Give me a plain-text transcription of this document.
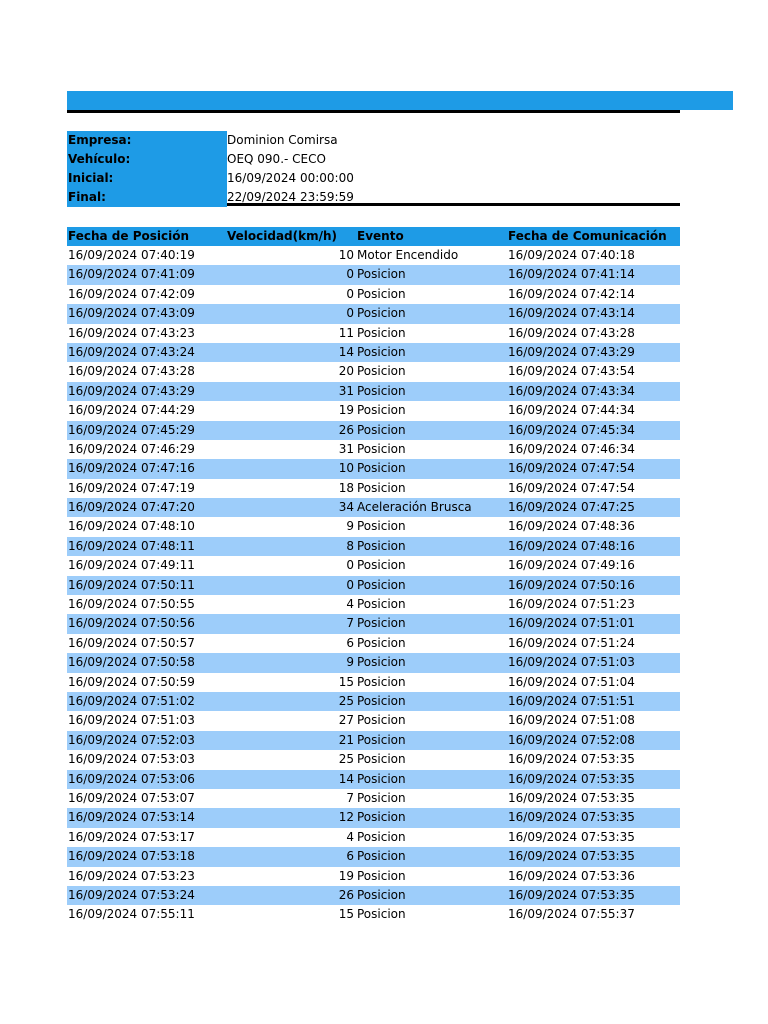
Empresa:	Dominion Comirsa
Vehículo:	OEQ 090.- CECO
Inicial:	16/09/2024 00:00:00
Final:	22/09/2024 23:59:59
Fecha de Posición	Velocidad(km/h) Evento	Fecha de Comunicación
16/09/2024 07:40:19	10 Motor Encendido	16/09/2024 07:40:18
16/09/2024 07:41:09	0 Posicion	16/09/2024 07:41:14
16/09/2024 07:42:09	0 Posicion	16/09/2024 07:42:14
16/09/2024 07:43:09	0 Posicion	16/09/2024 07:43:14
16/09/2024 07:43:23	11 Posicion	16/09/2024 07:43:28
16/09/2024 07:43:24	14 Posicion	16/09/2024 07:43:29
16/09/2024 07:43:28	20 Posicion	16/09/2024 07:43:54
16/09/2024 07:43:29	31 Posicion	16/09/2024 07:43:34
16/09/2024 07:44:29	19 Posicion	16/09/2024 07:44:34
16/09/2024 07:45:29	26 Posicion	16/09/2024 07:45:34
16/09/2024 07:46:29	31 Posicion	16/09/2024 07:46:34
16/09/2024 07:47:16	10 Posicion	16/09/2024 07:47:54
16/09/2024 07:47:19	18 Posicion	16/09/2024 07:47:54
16/09/2024 07:47:20	34 Aceleración Brusca	16/09/2024 07:47:25
16/09/2024 07:48:10	9 Posicion	16/09/2024 07:48:36
16/09/2024 07:48:11	8 Posicion	16/09/2024 07:48:16
16/09/2024 07:49:11	0 Posicion	16/09/2024 07:49:16
16/09/2024 07:50:11	0 Posicion	16/09/2024 07:50:16
16/09/2024 07:50:55	4 Posicion	16/09/2024 07:51:23
16/09/2024 07:50:56	7 Posicion	16/09/2024 07:51:01
16/09/2024 07:50:57	6 Posicion	16/09/2024 07:51:24
16/09/2024 07:50:58	9 Posicion	16/09/2024 07:51:03
16/09/2024 07:50:59	15 Posicion	16/09/2024 07:51:04
16/09/2024 07:51:02	25 Posicion	16/09/2024 07:51:51
16/09/2024 07:51:03	27 Posicion	16/09/2024 07:51:08
16/09/2024 07:52:03	21 Posicion	16/09/2024 07:52:08
16/09/2024 07:53:03	25 Posicion	16/09/2024 07:53:35
16/09/2024 07:53:06	14 Posicion	16/09/2024 07:53:35
16/09/2024 07:53:07	7 Posicion	16/09/2024 07:53:35
16/09/2024 07:53:14	12 Posicion	16/09/2024 07:53:35
16/09/2024 07:53:17	4 Posicion	16/09/2024 07:53:35
16/09/2024 07:53:18	6 Posicion	16/09/2024 07:53:35
16/09/2024 07:53:23	19 Posicion	16/09/2024 07:53:36
16/09/2024 07:53:24	26 Posicion	16/09/2024 07:53:35
16/09/2024 07:55:11	15 Posicion	16/09/2024 07:55:37
